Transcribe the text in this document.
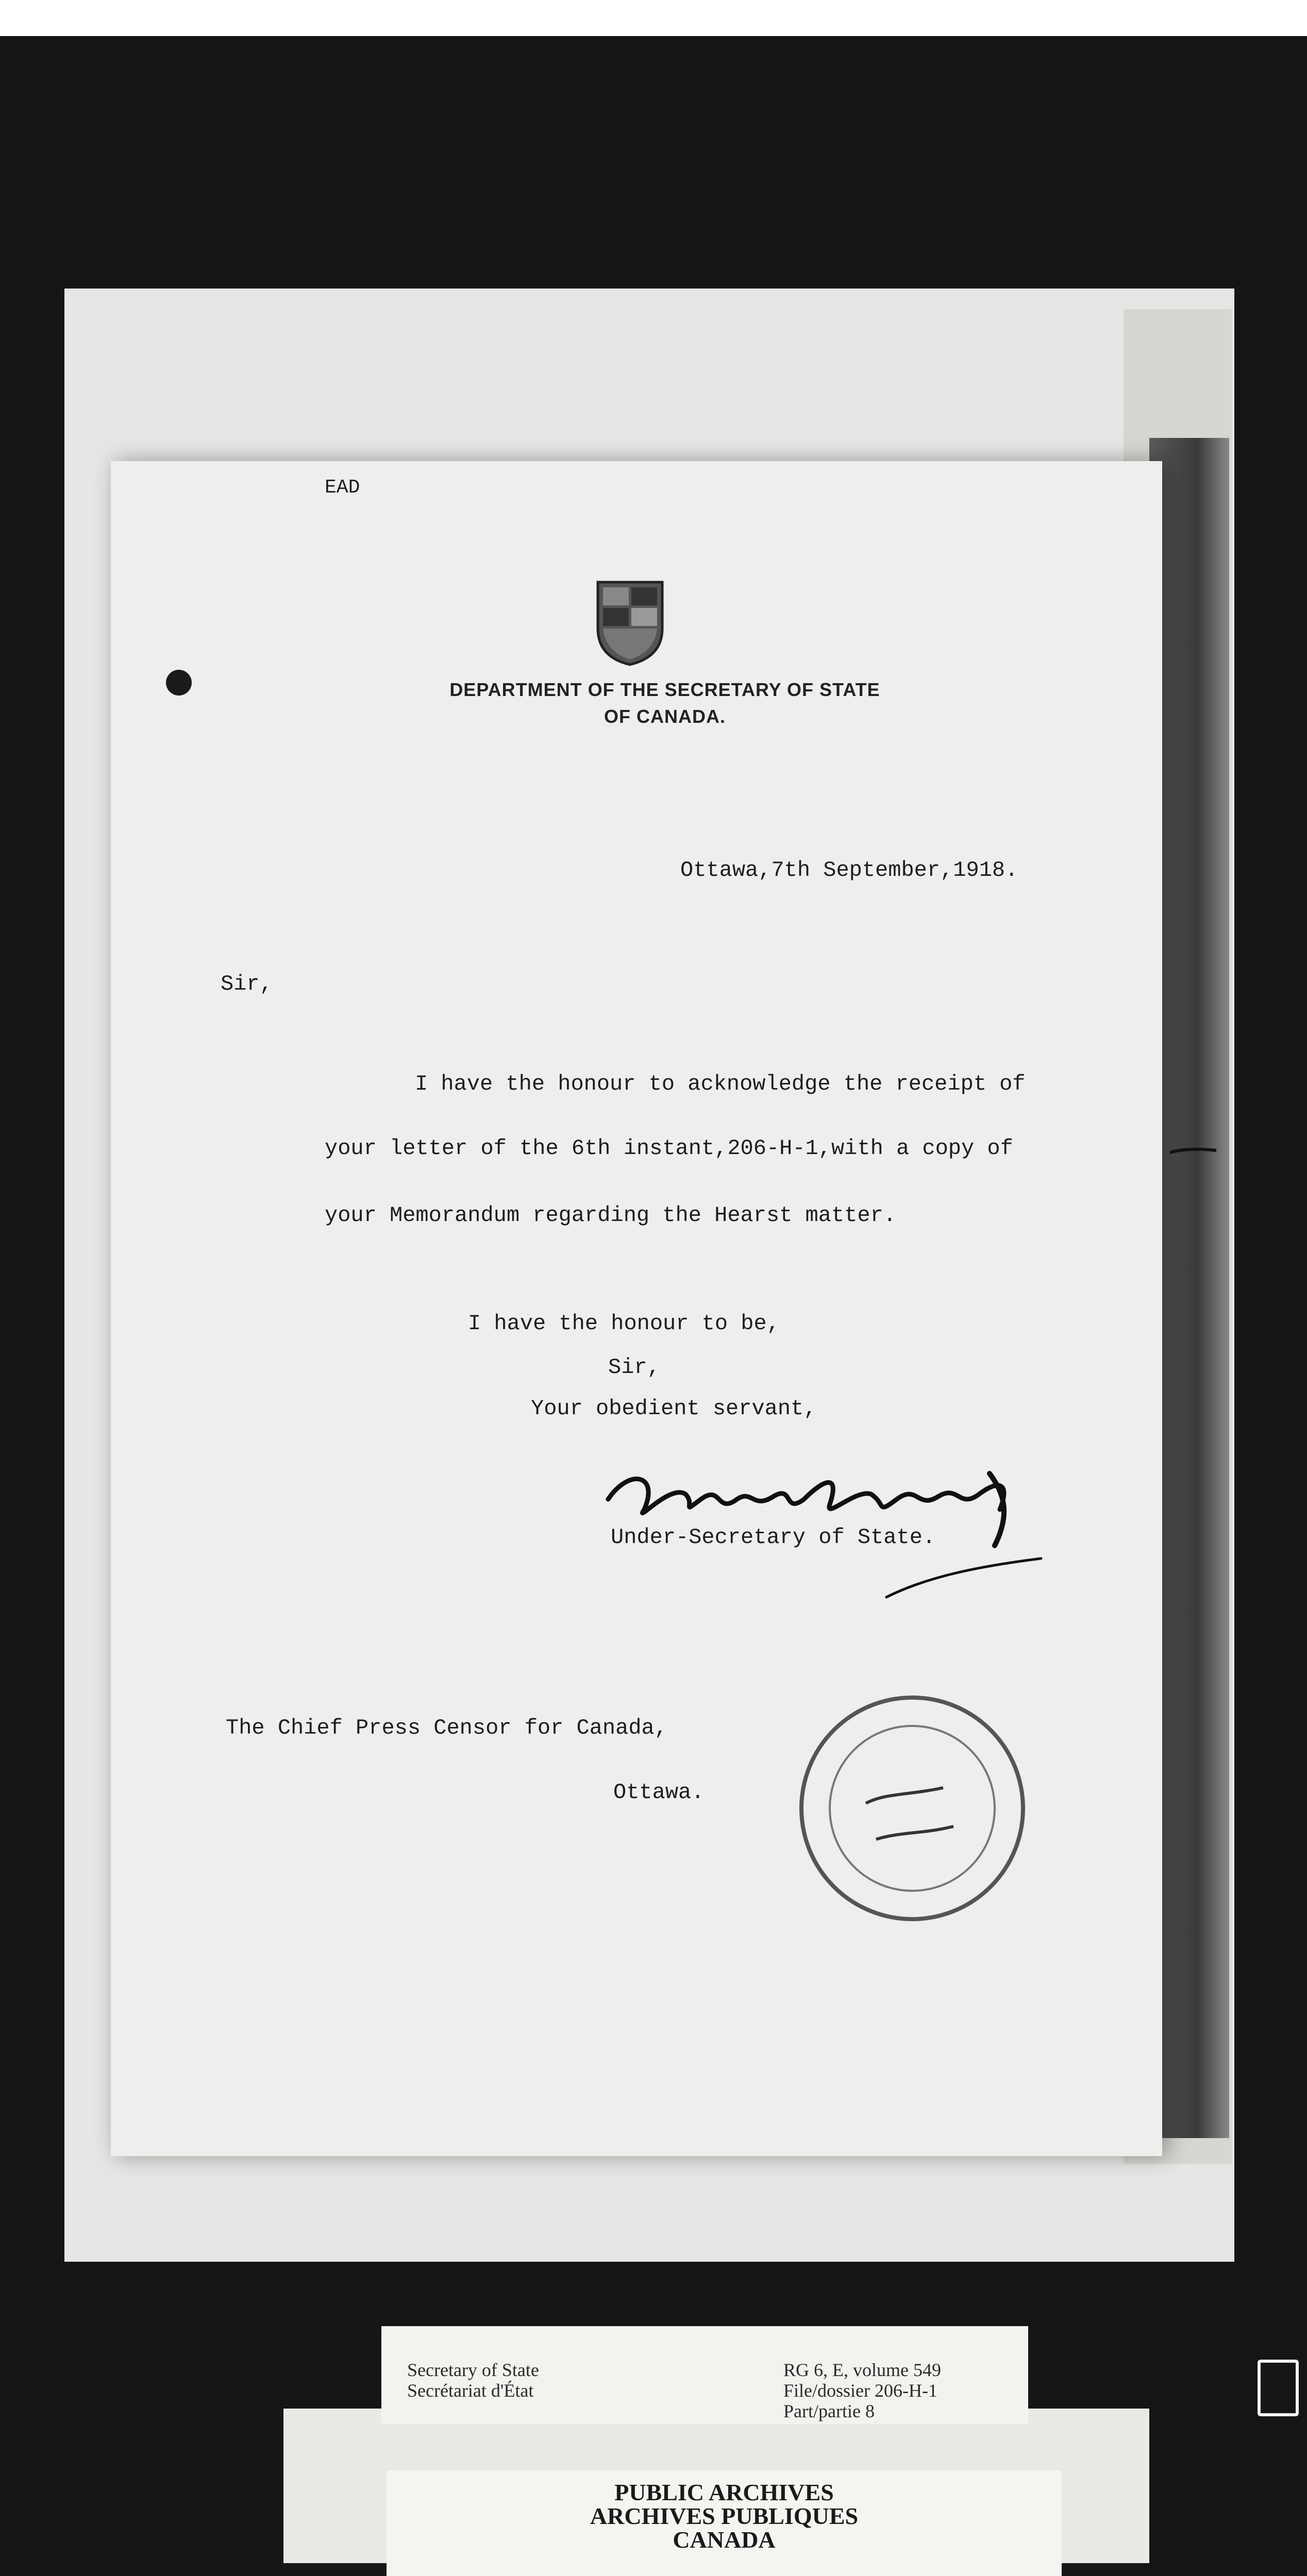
EAD
DEPARTMENT OF THE SECRETARY OF STATE
OF CANADA.
Ottawa,7th September,1918.
Sir,
I have the honour to acknowledge the receipt of
your letter of the 6th instant,206-H-1,with a copy of
your Memorandum regarding the Hearst matter.
I have the honour to be,
Sir,
Your obedient servant,
Under-Secretary of State.
The Chief Press Censor for Canada,
Ottawa.
Secretary of State
Secrétariat d'État
RG 6, E, volume 549
File/dossier 206-H-1
Part/partie 8
PUBLIC ARCHIVES
ARCHIVES PUBLIQUES
CANADA
